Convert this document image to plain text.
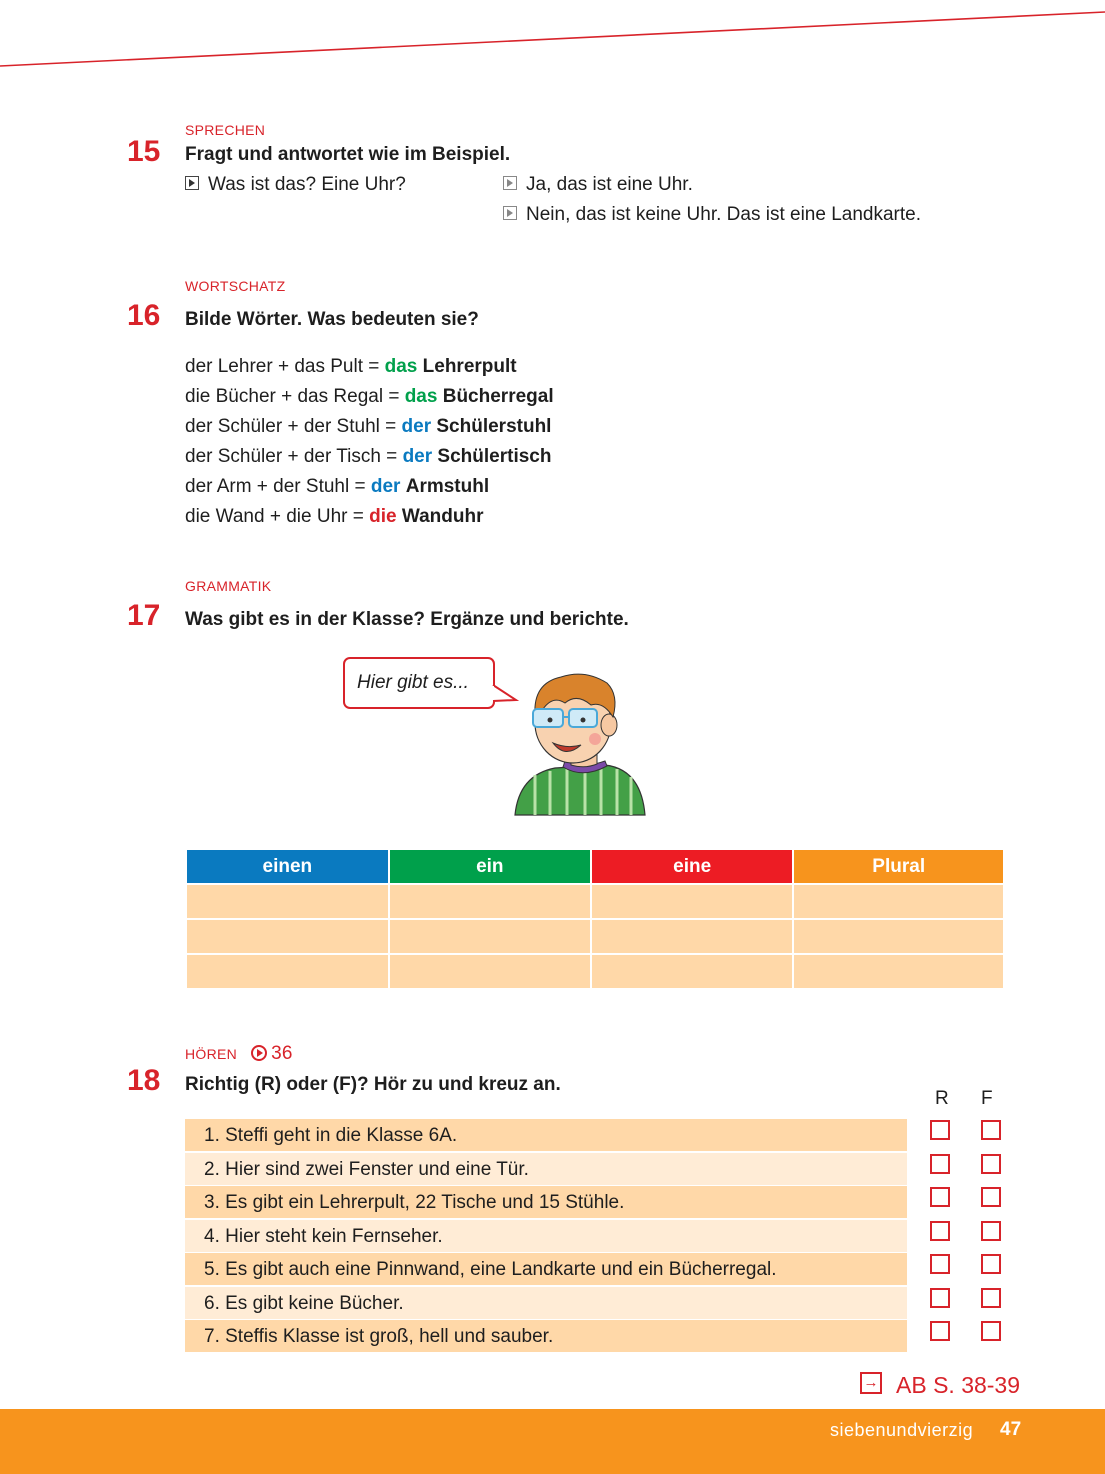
SPRECHEN
15 Fragt und antwortet wie im Beispiel.
Was ist das? Eine Uhr?	Ja, das ist eine Uhr.
Nein, das ist keine Uhr. Das ist eine Landkarte.
WORTSCHATZ
16 Bilde Wörter. Was bedeuten sie?
der Lehrer + das Pult = das Lehrerpult
die Bücher + das Regal = das Bücherregal
der Schüler + der Stuhl = der Schülerstuhl
der Schüler + der Tisch = der Schülertisch
der Arm + der Stuhl = der Armstuhl
die Wand + die Uhr = die Wanduhr
GRAMMATIK
17 Was gibt es in der Klasse? Ergänze und berichte.
Hier gibt es...
einen	ein	eine	Plural

HÖREN 36
18 Richtig (R) oder (F)? Hör zu und kreuz an.
R F
1. Steffi geht in die Klasse 6A.
2. Hier sind zwei Fenster und eine Tür.
3. Es gibt ein Lehrerpult, 22 Tische und 15 Stühle.
4. Hier steht kein Fernseher.
5. Es gibt auch eine Pinnwand, eine Landkarte und ein Bücherregal.
6. Es gibt keine Bücher.
7. Steffis Klasse ist groß, hell und sauber.
→ AB S. 38-39
siebenundvierzig 47
